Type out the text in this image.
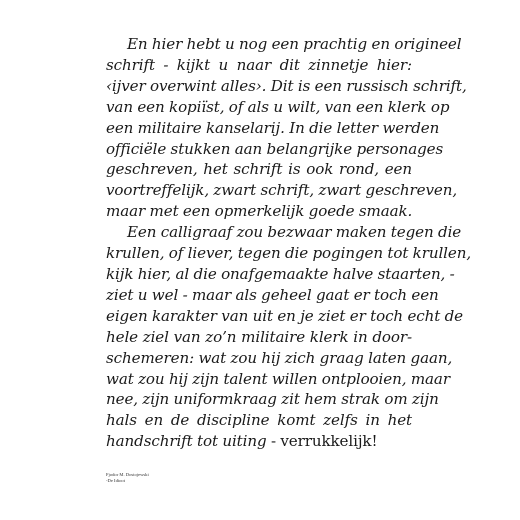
En hier hebt u nog een prachtig en origineel
schrift - kijkt u naar dit zinnetje hier:
‹ijver overwint alles›. Dit is een russisch schrift,
van een kopiïst, of als u wilt, van een klerk op
een militaire kanselarij. In die letter werden
officiële stukken aan belangrijke personages
geschreven, het schrift is ook rond, een
voortreffelijk, zwart schrift, zwart geschreven,
maar met een opmerkelijk goede smaak.

Een calligraaf zou bezwaar maken tegen die
krullen, of liever, tegen die pogingen tot krullen,
kijk hier, al die onafgemaakte halve staarten, -
ziet u wel - maar als geheel gaat er toch een
eigen karakter van uit en je ziet er toch echt de
hele ziel van zo’n militaire klerk in door-
schemeren: wat zou hij zich graag laten gaan,
wat zou hij zijn talent willen ontplooien, maar
nee, zijn uniformkraag zit hem strak om zijn
hals en de discipline komt zelfs in het
handschrift tot uiting - verrukkelijk!

Fjodor M. Dostojewski
-De Idioot
